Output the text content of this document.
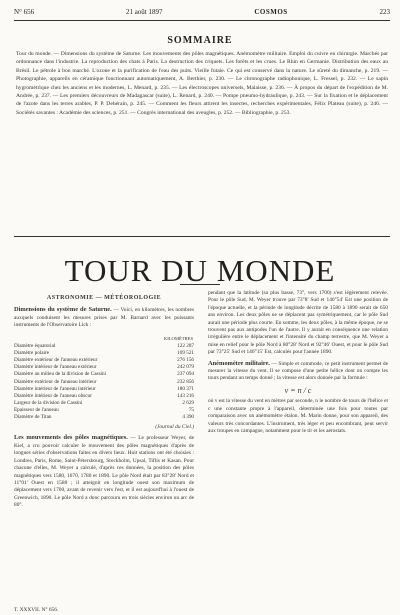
N° 656	21 août 1897	COSMOS	223
SOMMAIRE
Tour du monde. — Dimensions du système de Saturne. Les mouvements des pôles magnétiques. Anémomètre militaire. Emploi du cuivre en chirurgie. Marchés par ordonnance dans l'industrie. La reproduction des chats à Paris. La destruction des criquets. Les forêts et les crues. Le Rhin en Germanie. Distribution des eaux au Brésil. Le pétrole à bon marché. L'ozone et la purification de l'eau des puits. Vieille futaie. Ce qui est conservé dans la nature. Le sûreté du dimanche, p. 219. — Photographie, appareils en céramique fonctionnant automatiquement, A. Berthier, p. 230. — Le chronographe radiophonique, L. Fressel, p. 232. — Le sapin hygrométrique chez les anciens et les modernes, L. Menard, p. 235. — Les électroscopes universels, Malaisse, p. 236. — À propos du départ de l'expédition de M. Andrée, p. 237. — Les premiers découvreurs de Madagascar (suite), L. Renard, p. 240. — Pompe pneumo-hydraulique, p. 243. — Sur la fixation et le déplacement de l'azote dans les terres arables, P. P. Dehérain, p. 245. — Comment les fleurs attirent les insectes, recherches expérimentales, Félix Plateau (suite), p. 246. — Sociétés savantes : Académie des sciences, p. 251. — Congrès international des aveugles, p. 252. — Bibliographie, p. 253.
TOUR DU MONDE
ASTRONOMIE — MÉTÉOROLOGIE

Dimensions du système de Saturne. — Voici, en kilomètres, les nombres auxquels conduisent les mesures prises par M. Barnard avec les puissants instruments de l'Observatoire Lick :

	KILOMÈTRES
Diamètre équatorial	122 287
Diamètre polaire	109 521
Diamètre extérieur de l'anneau extérieur	276 156
Diamètre intérieur de l'anneau extérieur	242 079
Diamètre au milieu de la division de Cassini	237 094
Diamètre extérieur de l'anneau intérieur	232 856
Diamètre intérieur de l'anneau intérieur	180 371
Diamètre intérieur de l'anneau obscur	143 216
Largeur de la division de Cassini	2 629
Épaisseur de l'anneau	75
Diamètre de Titan	4 390
(Journal du Ciel.)

Les mouvements des pôles magnétiques. — Le professeur Weyer, de Kiel, a cru pouvoir calculer le mouvement des pôles magnétiques d'après de longues séries d'observations faites en divers lieux. Huit stations ont été choisies : Londres, Paris, Rome, Saint-Pétersbourg, Stockholm, Upsal, Tiflis et Kasan. Pour chacune d'elles, M. Weyer a calculé, d'après ces données, la position des pôles magnétiques vers 1580, 1670, 1780 et 1890. Le pôle Nord était par 83°28' Nord et 11°01' Ouest en 1580 ; il atteignit en longitude ouest son maximum de déplacement vers 1700, avant de revenir vers l'est, et il est aujourd'hui à l'ouest de Greenwich, 1890. Le pôle Nord a donc parcouru en trois siècles environ un arc de 80°.

pendant que la latitude (sa plus basse, 73°, vers 1700) s'est légèrement relevée. Pour le pôle Sud, M. Weyer trouve par 73°8' Sud et 146°54' Est une position de l'époque actuelle, et la période de longitude décrite de 1580 à 1890 serait de 650 ans environ. Les deux pôles ne se déplacent pas symétriquement, car le pôle Sud aurait une période plus courte. En somme, les deux pôles, à la même époque, ne se trouvent pas aux antipodes l'un de l'autre. Il y aurait en conséquence une relation irrégulière entre le déplacement et l'intensité du champ terrestre, que M. Weyer a mise en relief pour le pôle Nord à 80°28' Nord et 92°46' Ouest, et pour le pôle Sud par 73°25' Sud et 146°15' Est, calculés pour l'année 1890.

Anémomètre militaire. — Simple et commode, ce petit instrument permet de mesurer la vitesse du vent. Il se compose d'une petite hélice dont on compte les tours pendant un temps donné ; la vitesse est alors donnée par la formule :

v = n / c

où v est la vitesse du vent en mètres par seconde, n le nombre de tours de l'hélice et c une constante propre à l'appareil, déterminée une fois pour toutes par comparaison avec un anémomètre étalon. M. Marin donne, pour son appareil, des valeurs très concordantes. L'instrument, très léger et peu encombrant, peut servir aux troupes en campagne, notamment pour le tir et les aérostats.

T. XXXVII. N° 656.
